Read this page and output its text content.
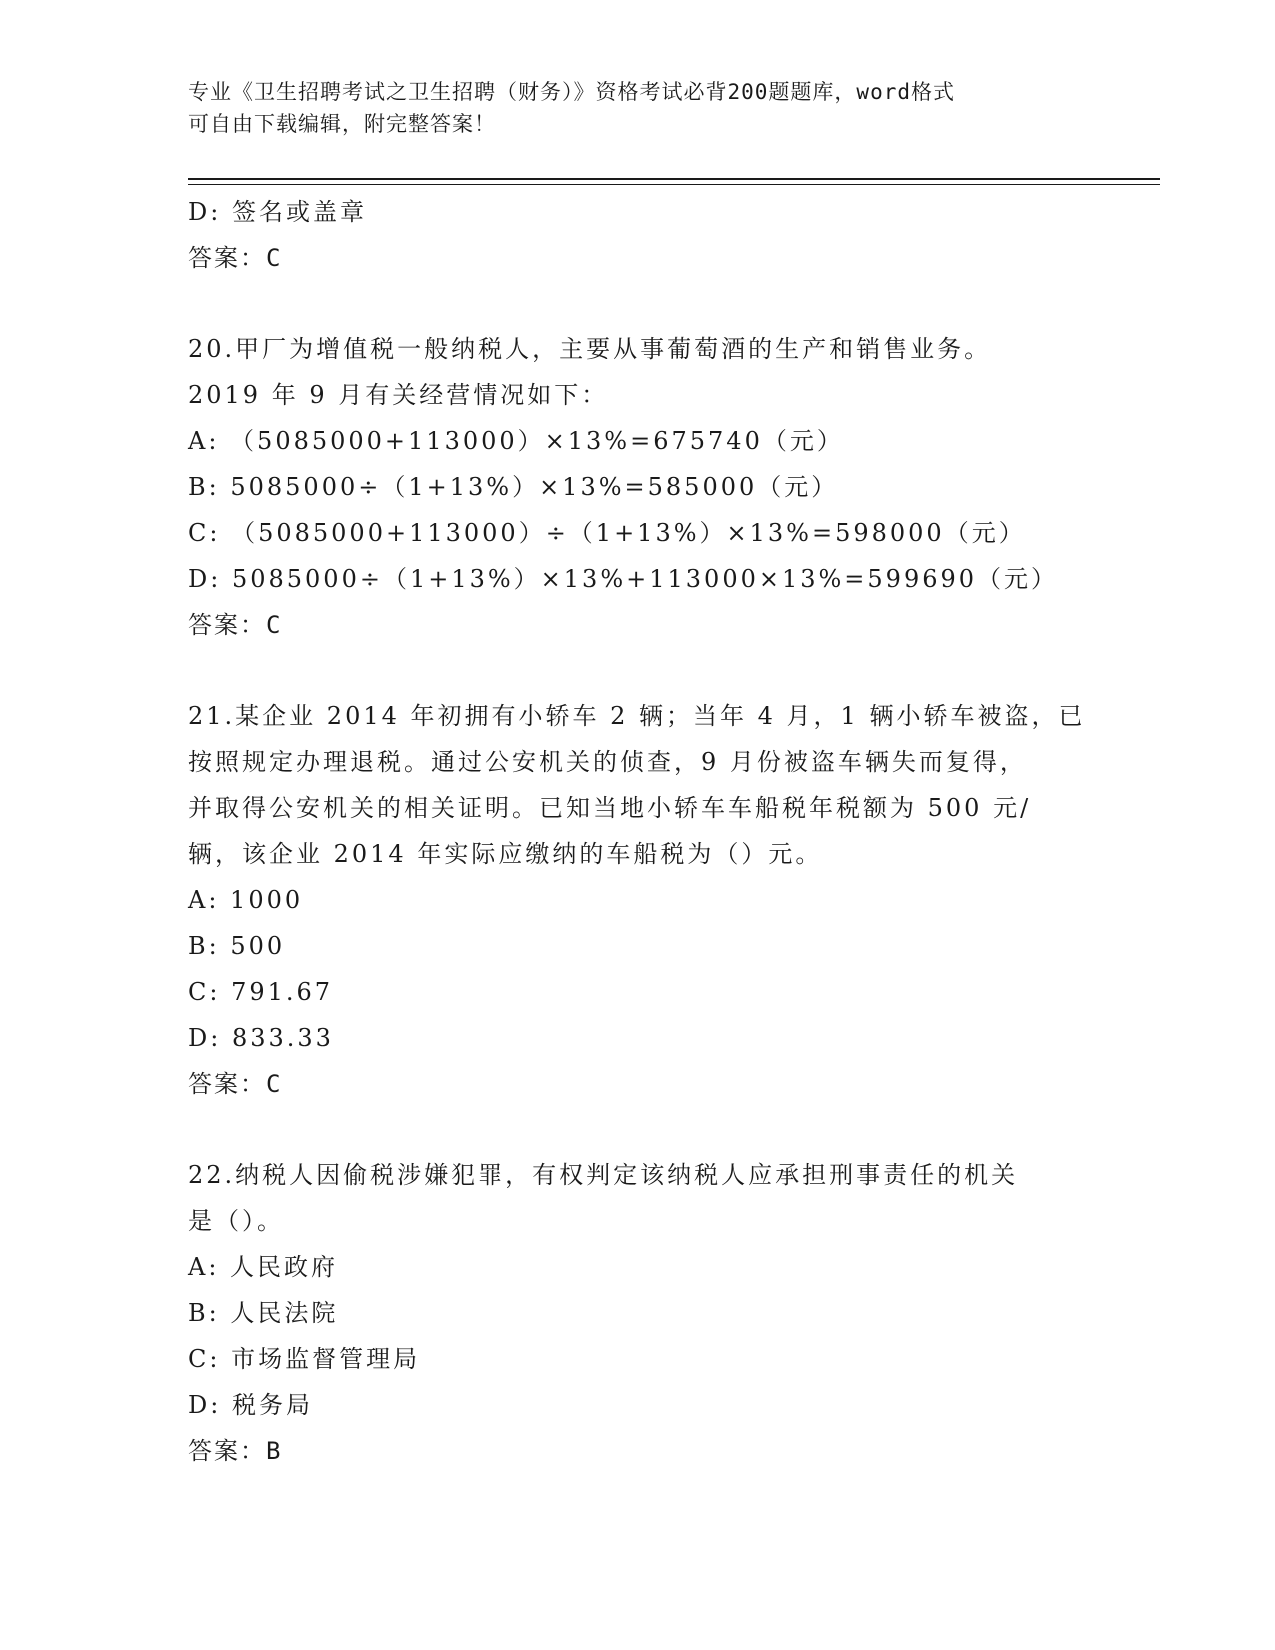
专业《卫生招聘考试之卫生招聘（财务）》资格考试必背200题题库，word格式
可自由下载编辑，附完整答案！
D: 签名或盖章
答案：C
20.甲厂为增值税一般纳税人，主要从事葡萄酒的生产和销售业务。
2019 年 9 月有关经营情况如下：
A: （5085000+113000）×13%=675740（元）
B: 5085000÷（1+13%）×13%=585000（元）
C: （5085000+113000）÷（1+13%）×13%=598000（元）
D: 5085000÷（1+13%）×13%+113000×13%=599690（元）
答案：C
21.某企业 2014 年初拥有小轿车 2 辆；当年 4 月，1 辆小轿车被盗，已
按照规定办理退税。通过公安机关的侦查，9 月份被盗车辆失而复得，
并取得公安机关的相关证明。已知当地小轿车车船税年税额为 500 元/
辆，该企业 2014 年实际应缴纳的车船税为（）元。
A: 1000
B: 500
C: 791.67
D: 833.33
答案：C
22.纳税人因偷税涉嫌犯罪，有权判定该纳税人应承担刑事责任的机关
是（）。
A: 人民政府
B: 人民法院
C: 市场监督管理局
D: 税务局
答案：B
